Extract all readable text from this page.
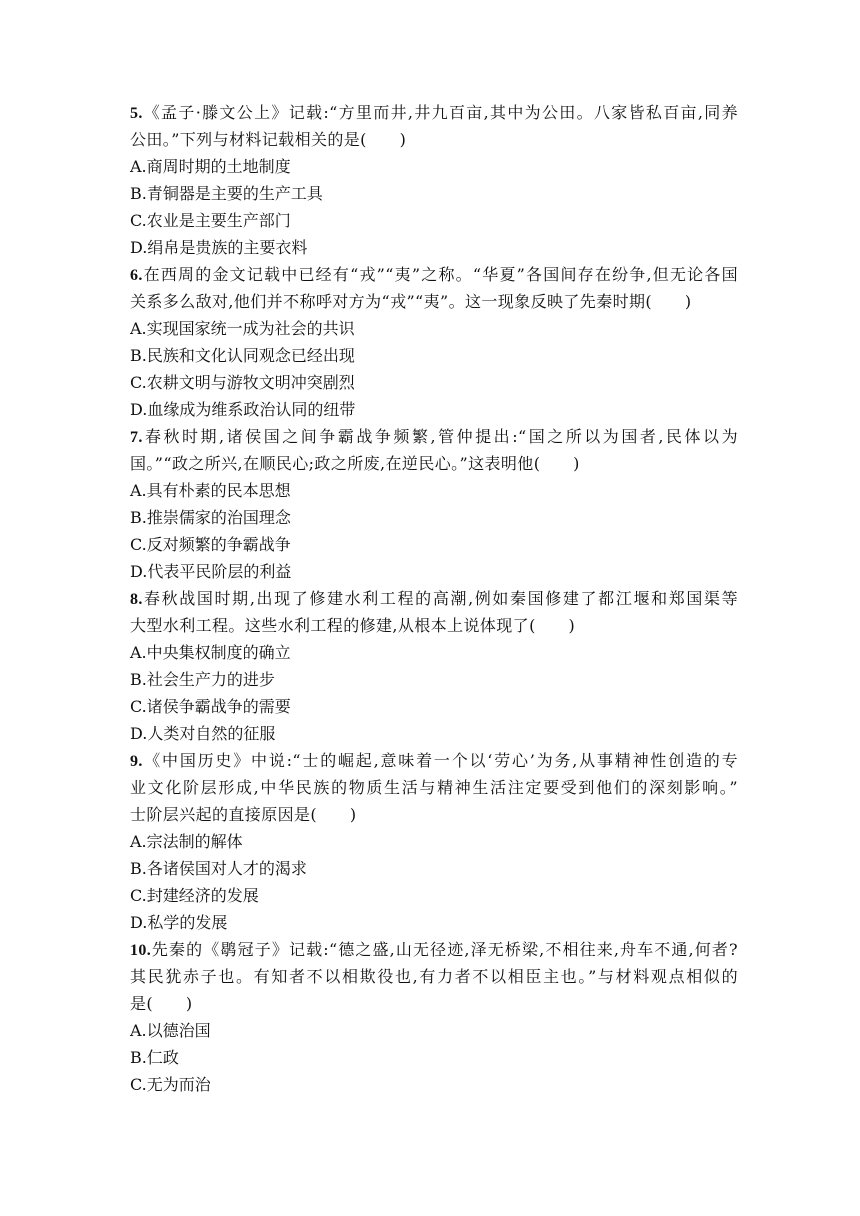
5.《孟子·滕文公上》记载:“方里而井,井九百亩,其中为公田。八家皆私百亩,同养
公田。”下列与材料记载相关的是(　　)
A.商周时期的土地制度
B.青铜器是主要的生产工具
C.农业是主要生产部门
D.绢帛是贵族的主要衣料
6.在西周的金文记载中已经有“戎”“夷”之称。“华夏”各国间存在纷争,但无论各国
关系多么敌对,他们并不称呼对方为“戎”“夷”。这一现象反映了先秦时期(　　)
A.实现国家统一成为社会的共识
B.民族和文化认同观念已经出现
C.农耕文明与游牧文明冲突剧烈
D.血缘成为维系政治认同的纽带
7.春秋时期,诸侯国之间争霸战争频繁,管仲提出:“国之所以为国者,民体以为
国。”“政之所兴,在顺民心;政之所废,在逆民心。”这表明他(　　)
A.具有朴素的民本思想
B.推崇儒家的治国理念
C.反对频繁的争霸战争
D.代表平民阶层的利益
8.春秋战国时期,出现了修建水利工程的高潮,例如秦国修建了都江堰和郑国渠等
大型水利工程。这些水利工程的修建,从根本上说体现了(　　)
A.中央集权制度的确立
B.社会生产力的进步
C.诸侯争霸战争的需要
D.人类对自然的征服
9.《中国历史》中说:“士的崛起,意味着一个以‘劳心’为务,从事精神性创造的专
业文化阶层形成,中华民族的物质生活与精神生活注定要受到他们的深刻影响。”
士阶层兴起的直接原因是(　　)
A.宗法制的解体
B.各诸侯国对人才的渴求
C.封建经济的发展
D.私学的发展
10.先秦的《鹖冠子》记载:“德之盛,山无径迹,泽无桥梁,不相往来,舟车不通,何者?
其民犹赤子也。有知者不以相欺役也,有力者不以相臣主也。”与材料观点相似的
是(　　)
A.以德治国
B.仁政
C.无为而治
